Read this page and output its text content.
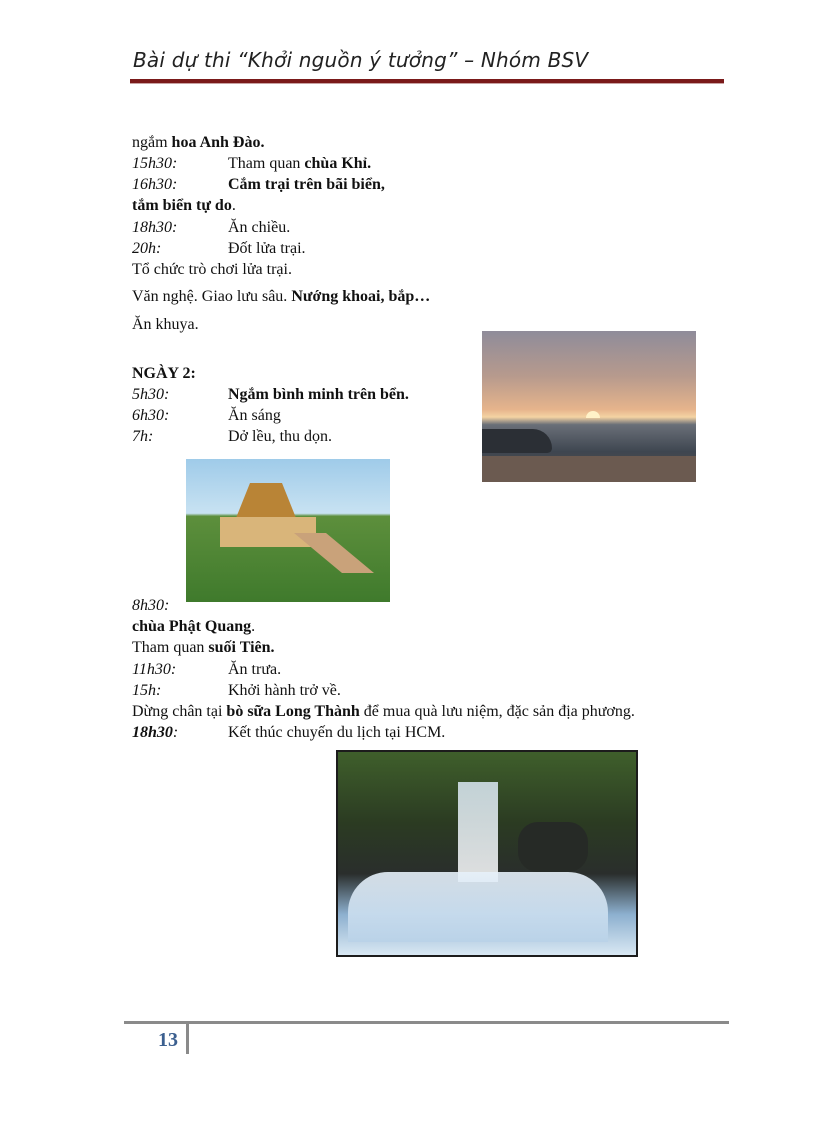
Bài dự thi “Khởi nguồn ý tưởng” – Nhóm BSV
ngắm hoa Anh Đào.
15h30:	Tham quan chùa Khỉ.
16h30:	Cắm trại trên bãi biển,
tắm biển tự do.
18h30:	Ăn chiều.
20h:	Đốt lửa trại.
Tổ chức trò chơi lửa trại.
Văn nghệ. Giao lưu sâu. Nướng khoai, bắp…
Ăn khuya.
NGÀY 2:
5h30:	Ngắm bình minh trên bển.
6h30:	Ăn sáng
7h:	Dở lều, thu dọn.
8h30:
chùa Phật Quang.
Tham quan suối Tiên.
11h30:	Ăn trưa.
15h:	Khởi hành trở về.
Dừng chân tại bò sữa Long Thành để mua quà lưu niệm, đặc sản địa phương.
18h30:	Kết thúc chuyến du lịch tại HCM.
13
